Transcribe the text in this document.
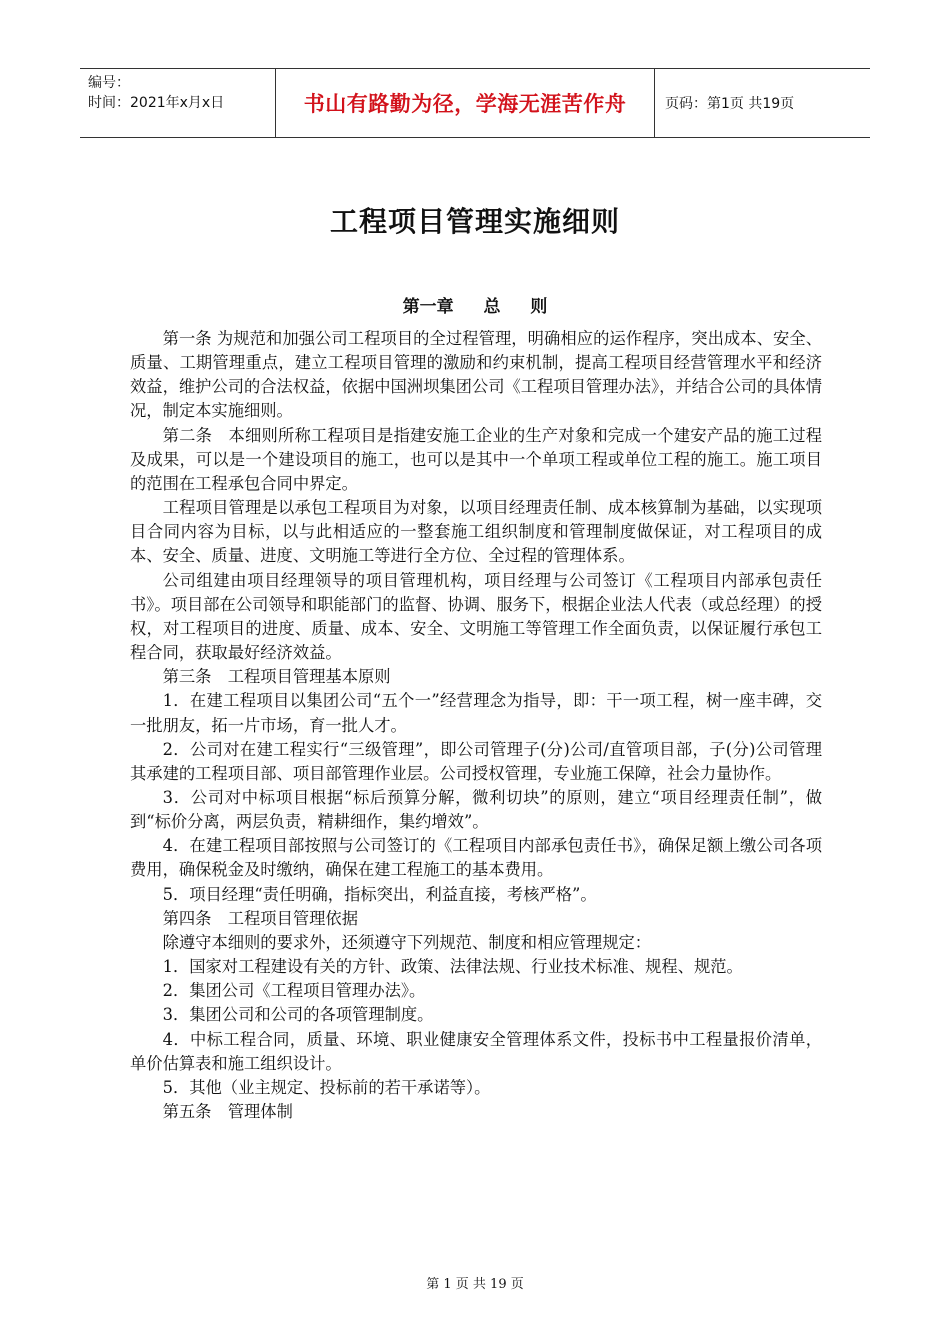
编号：
时间：2021年x月x日	书山有路勤为径，学海无涯苦作舟	页码：第1页 共19页
工程项目管理实施细则
第一章 总 则

第一条 为规范和加强公司工程项目的全过程管理，明确相应的运作程序，突出成本、安全、质量、工期管理重点，建立工程项目管理的激励和约束机制，提高工程项目经营管理水平和经济效益，维护公司的合法权益，依据中国洲坝集团公司《工程项目管理办法》，并结合公司的具体情况，制定本实施细则。

第二条　本细则所称工程项目是指建安施工企业的生产对象和完成一个建安产品的施工过程及成果，可以是一个建设项目的施工，也可以是其中一个单项工程或单位工程的施工。施工项目的范围在工程承包合同中界定。

工程项目管理是以承包工程项目为对象，以项目经理责任制、成本核算制为基础，以实现项目合同内容为目标，以与此相适应的一整套施工组织制度和管理制度做保证，对工程项目的成本、安全、质量、进度、文明施工等进行全方位、全过程的管理体系。

公司组建由项目经理领导的项目管理机构，项目经理与公司签订《工程项目内部承包责任书》。项目部在公司领导和职能部门的监督、协调、服务下，根据企业法人代表（或总经理）的授权，对工程项目的进度、质量、成本、安全、文明施工等管理工作全面负责，以保证履行承包工程合同，获取最好经济效益。

第三条　工程项目管理基本原则

1．在建工程项目以集团公司“五个一”经营理念为指导，即：干一项工程，树一座丰碑，交一批朋友，拓一片市场，育一批人才。

2．公司对在建工程实行“三级管理”，即公司管理子(分)公司/直管项目部，子(分)公司管理其承建的工程项目部、项目部管理作业层。公司授权管理，专业施工保障，社会力量协作。

3．公司对中标项目根据“标后预算分解，微利切块”的原则，建立“项目经理责任制”，做到“标价分离，两层负责，精耕细作，集约增效”。

4．在建工程项目部按照与公司签订的《工程项目内部承包责任书》，确保足额上缴公司各项费用，确保税金及时缴纳，确保在建工程施工的基本费用。

5．项目经理“责任明确，指标突出，利益直接，考核严格”。

第四条　工程项目管理依据

除遵守本细则的要求外，还须遵守下列规范、制度和相应管理规定：

1．国家对工程建设有关的方针、政策、法律法规、行业技术标准、规程、规范。

2．集团公司《工程项目管理办法》。

3．集团公司和公司的各项管理制度。

4．中标工程合同，质量、环境、职业健康安全管理体系文件，投标书中工程量报价清单，单价估算表和施工组织设计。

5．其他（业主规定、投标前的若干承诺等）。

第五条　管理体制

第 1 页 共 19 页
